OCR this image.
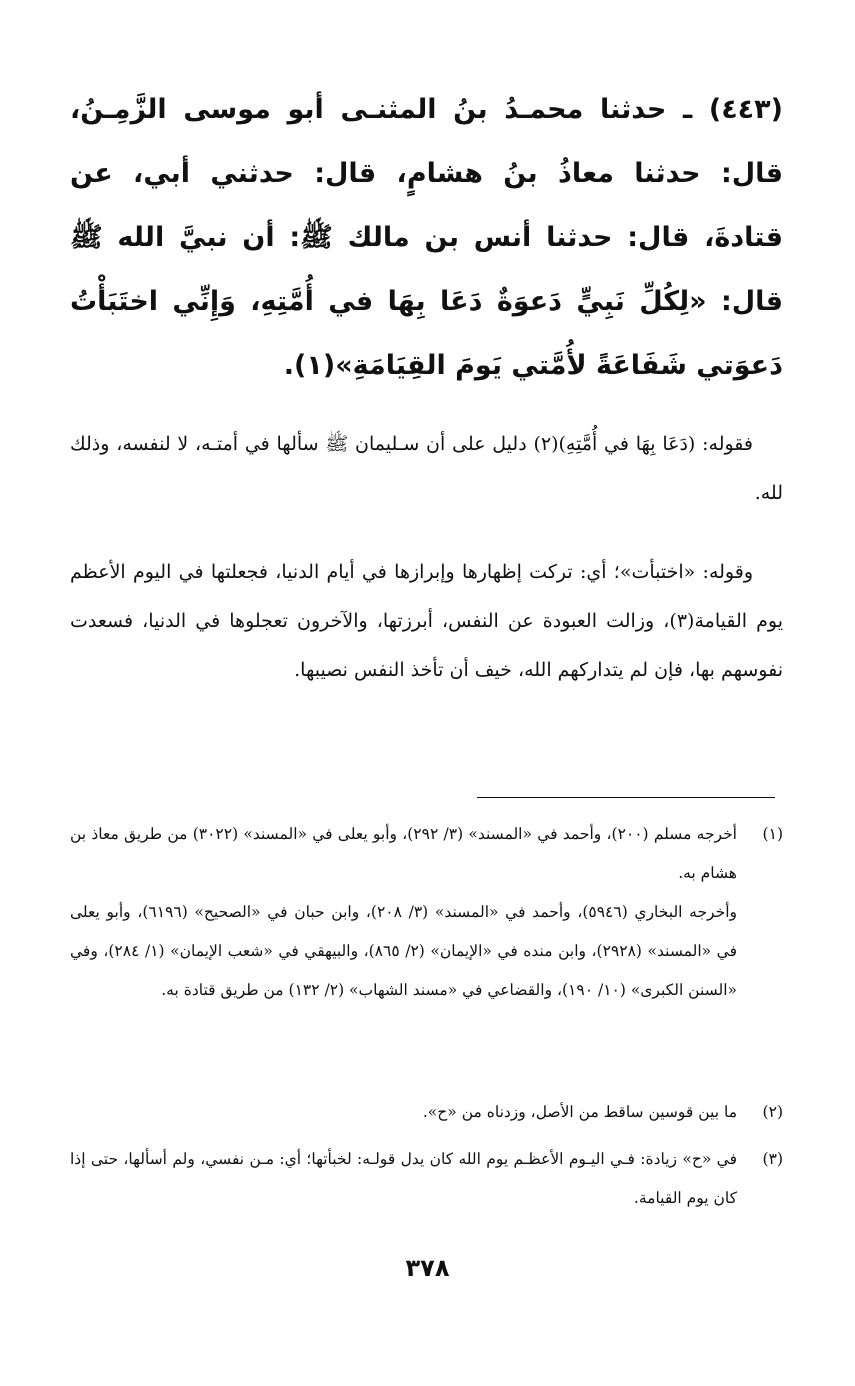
(٤٤٣) ـ حدثنا محمـدُ بنُ المثنـى أبو موسى الزَّمِـنُ، قال: حدثنا معاذُ بنُ هشامٍ، قال: حدثني أبي، عن قتادةَ، قال: حدثنا أنس بن مالك ﷺ: أن نبيَّ الله ﷺ قال: «لِكُلِّ نَبِيٍّ دَعوَةٌ دَعَا بِهَا في أُمَّتِهِ، وَإِنِّي اختَبَأْتُ دَعوَتي شَفَاعَةً لأُمَّتي يَومَ القِيَامَةِ»(١).

فقوله: (دَعَا بِهَا في أُمَّتِهِ)(٢) دليل على أن سـليمان ﷺ سألها في أمتـه، لا لنفسه، وذلك لله.

وقوله: «اختبأت»؛ أي: تركت إظهارها وإبرازها في أيام الدنيا، فجعلتها في اليوم الأعظم يوم القيامة(٣)، وزالت العبودة عن النفس، أبرزتها، والآخرون تعجلوها في الدنيا، فسعدت نفوسهم بها، فإن لم يتداركهم الله، خيف أن تأخذ النفس نصيبها.

(١)
أخرجه مسلم (٢٠٠)، وأحمد في «المسند» (٣/ ٢٩٢)، وأبو يعلى في «المسند» (٣٠٢٢) من طريق معاذ بن هشام به.
وأخرجه البخاري (٥٩٤٦)، وأحمد في «المسند» (٣/ ٢٠٨)، وابن حبان في «الصحيح» (٦١٩٦)، وأبو يعلى في «المسند» (٢٩٢٨)، وابن منده في «الإيمان» (٢/ ٨٦٥)، والبيهقي في «شعب الإيمان» (١/ ٢٨٤)، وفي «السنن الكبرى» (١٠/ ١٩٠)، والقضاعي في «مسند الشهاب» (٢/ ١٣٢) من طريق قتادة به.
(٢)
ما بين قوسين ساقط من الأصل، وزدناه من «ح».
(٣)
في «ح» زيادة: فـي اليـوم الأعظـم يوم الله كان يدل قولـه: لخبأتها؛ أي: مـن نفسي، ولم أسألها، حتى إذا كان يوم القيامة.
٣٧٨
